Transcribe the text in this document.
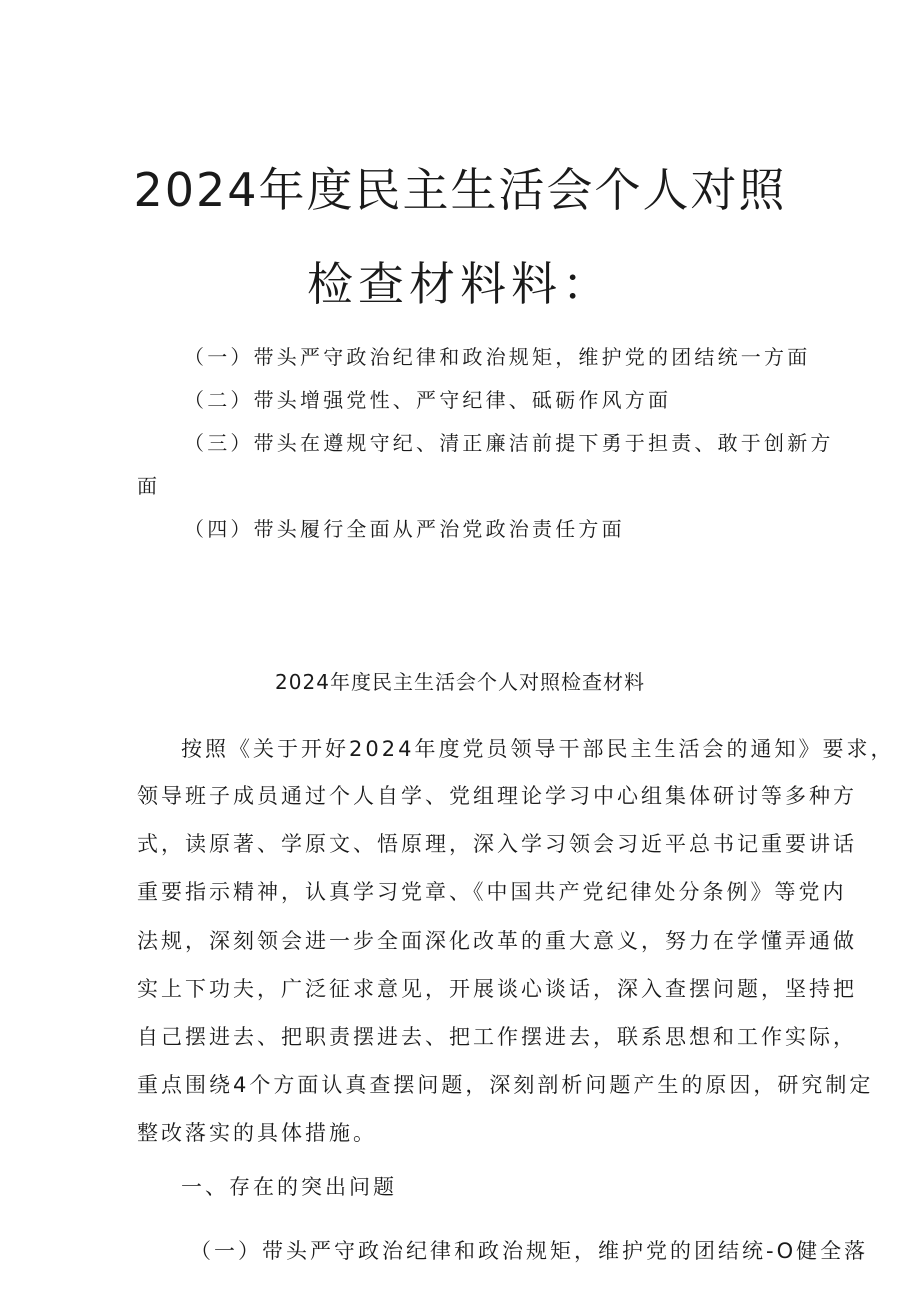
2024年度民主生活会个人对照
检查材料料：
（一）带头严守政治纪律和政治规矩，维护党的团结统一方面
（二）带头增强党性、严守纪律、砥砺作风方面
（三）带头在遵规守纪、清正廉洁前提下勇于担责、敢于创新方
面
（四）带头履行全面从严治党政治责任方面
2024年度民主生活会个人对照检查材料
按照《关于开好2024年度党员领导干部民主生活会的通知》要求，
领导班子成员通过个人自学、党组理论学习中心组集体研讨等多种方
式，读原著、学原文、悟原理，深入学习领会习近平总书记重要讲话
重要指示精神，认真学习党章、《中国共产党纪律处分条例》等党内
法规，深刻领会进一步全面深化改革的重大意义，努力在学懂弄通做
实上下功夫，广泛征求意见，开展谈心谈话，深入查摆问题，坚持把
自己摆进去、把职责摆进去、把工作摆进去，联系思想和工作实际，
重点围绕4个方面认真查摆问题，深刻剖析问题产生的原因，研究制定
整改落实的具体措施。
一、存在的突出问题
（一）带头严守政治纪律和政治规矩，维护党的团结统-O健全落
